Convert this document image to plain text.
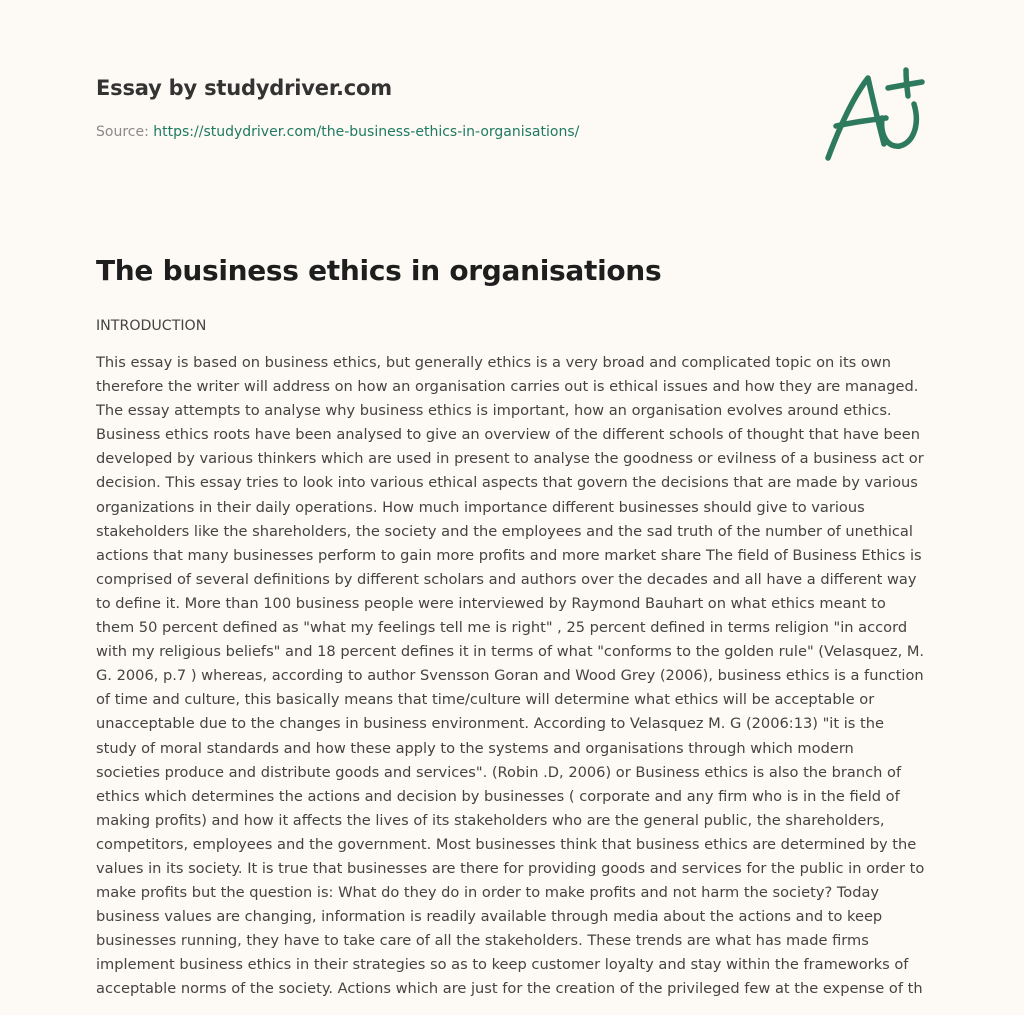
Essay by studydriver.com
Source: https://studydriver.com/the-business-ethics-in-organisations/
The business ethics in organisations
INTRODUCTION

This essay is based on business ethics, but generally ethics is a very broad and complicated topic on its own
therefore the writer will address on how an organisation carries out is ethical issues and how they are managed.
The essay attempts to analyse why business ethics is important, how an organisation evolves around ethics.
Business ethics roots have been analysed to give an overview of the different schools of thought that have been
developed by various thinkers which are used in present to analyse the goodness or evilness of a business act or
decision. This essay tries to look into various ethical aspects that govern the decisions that are made by various
organizations in their daily operations. How much importance different businesses should give to various
stakeholders like the shareholders, the society and the employees and the sad truth of the number of unethical
actions that many businesses perform to gain more profits and more market share The field of Business Ethics is
comprised of several definitions by different scholars and authors over the decades and all have a different way
to define it. More than 100 business people were interviewed by Raymond Bauhart on what ethics meant to
them 50 percent defined as "what my feelings tell me is right" , 25 percent defined in terms religion "in accord
with my religious beliefs" and 18 percent defines it in terms of what "conforms to the golden rule" (Velasquez, M.
G. 2006, p.7 ) whereas, according to author Svensson Goran and Wood Grey (2006), business ethics is a function
of time and culture, this basically means that time/culture will determine what ethics will be acceptable or
unacceptable due to the changes in business environment. According to Velasquez M. G (2006:13) "it is the
study of moral standards and how these apply to the systems and organisations through which modern
societies produce and distribute goods and services". (Robin .D, 2006) or Business ethics is also the branch of
ethics which determines the actions and decision by businesses ( corporate and any firm who is in the field of
making profits) and how it affects the lives of its stakeholders who are the general public, the shareholders,
competitors, employees and the government. Most businesses think that business ethics are determined by the
values in its society. It is true that businesses are there for providing goods and services for the public in order to
make profits but the question is: What do they do in order to make profits and not harm the society? Today
business values are changing, information is readily available through media about the actions and to keep
businesses running, they have to take care of all the stakeholders. These trends are what has made firms
implement business ethics in their strategies so as to keep customer loyalty and stay within the frameworks of
acceptable norms of the society. Actions which are just for the creation of the privileged few at the expense of th
